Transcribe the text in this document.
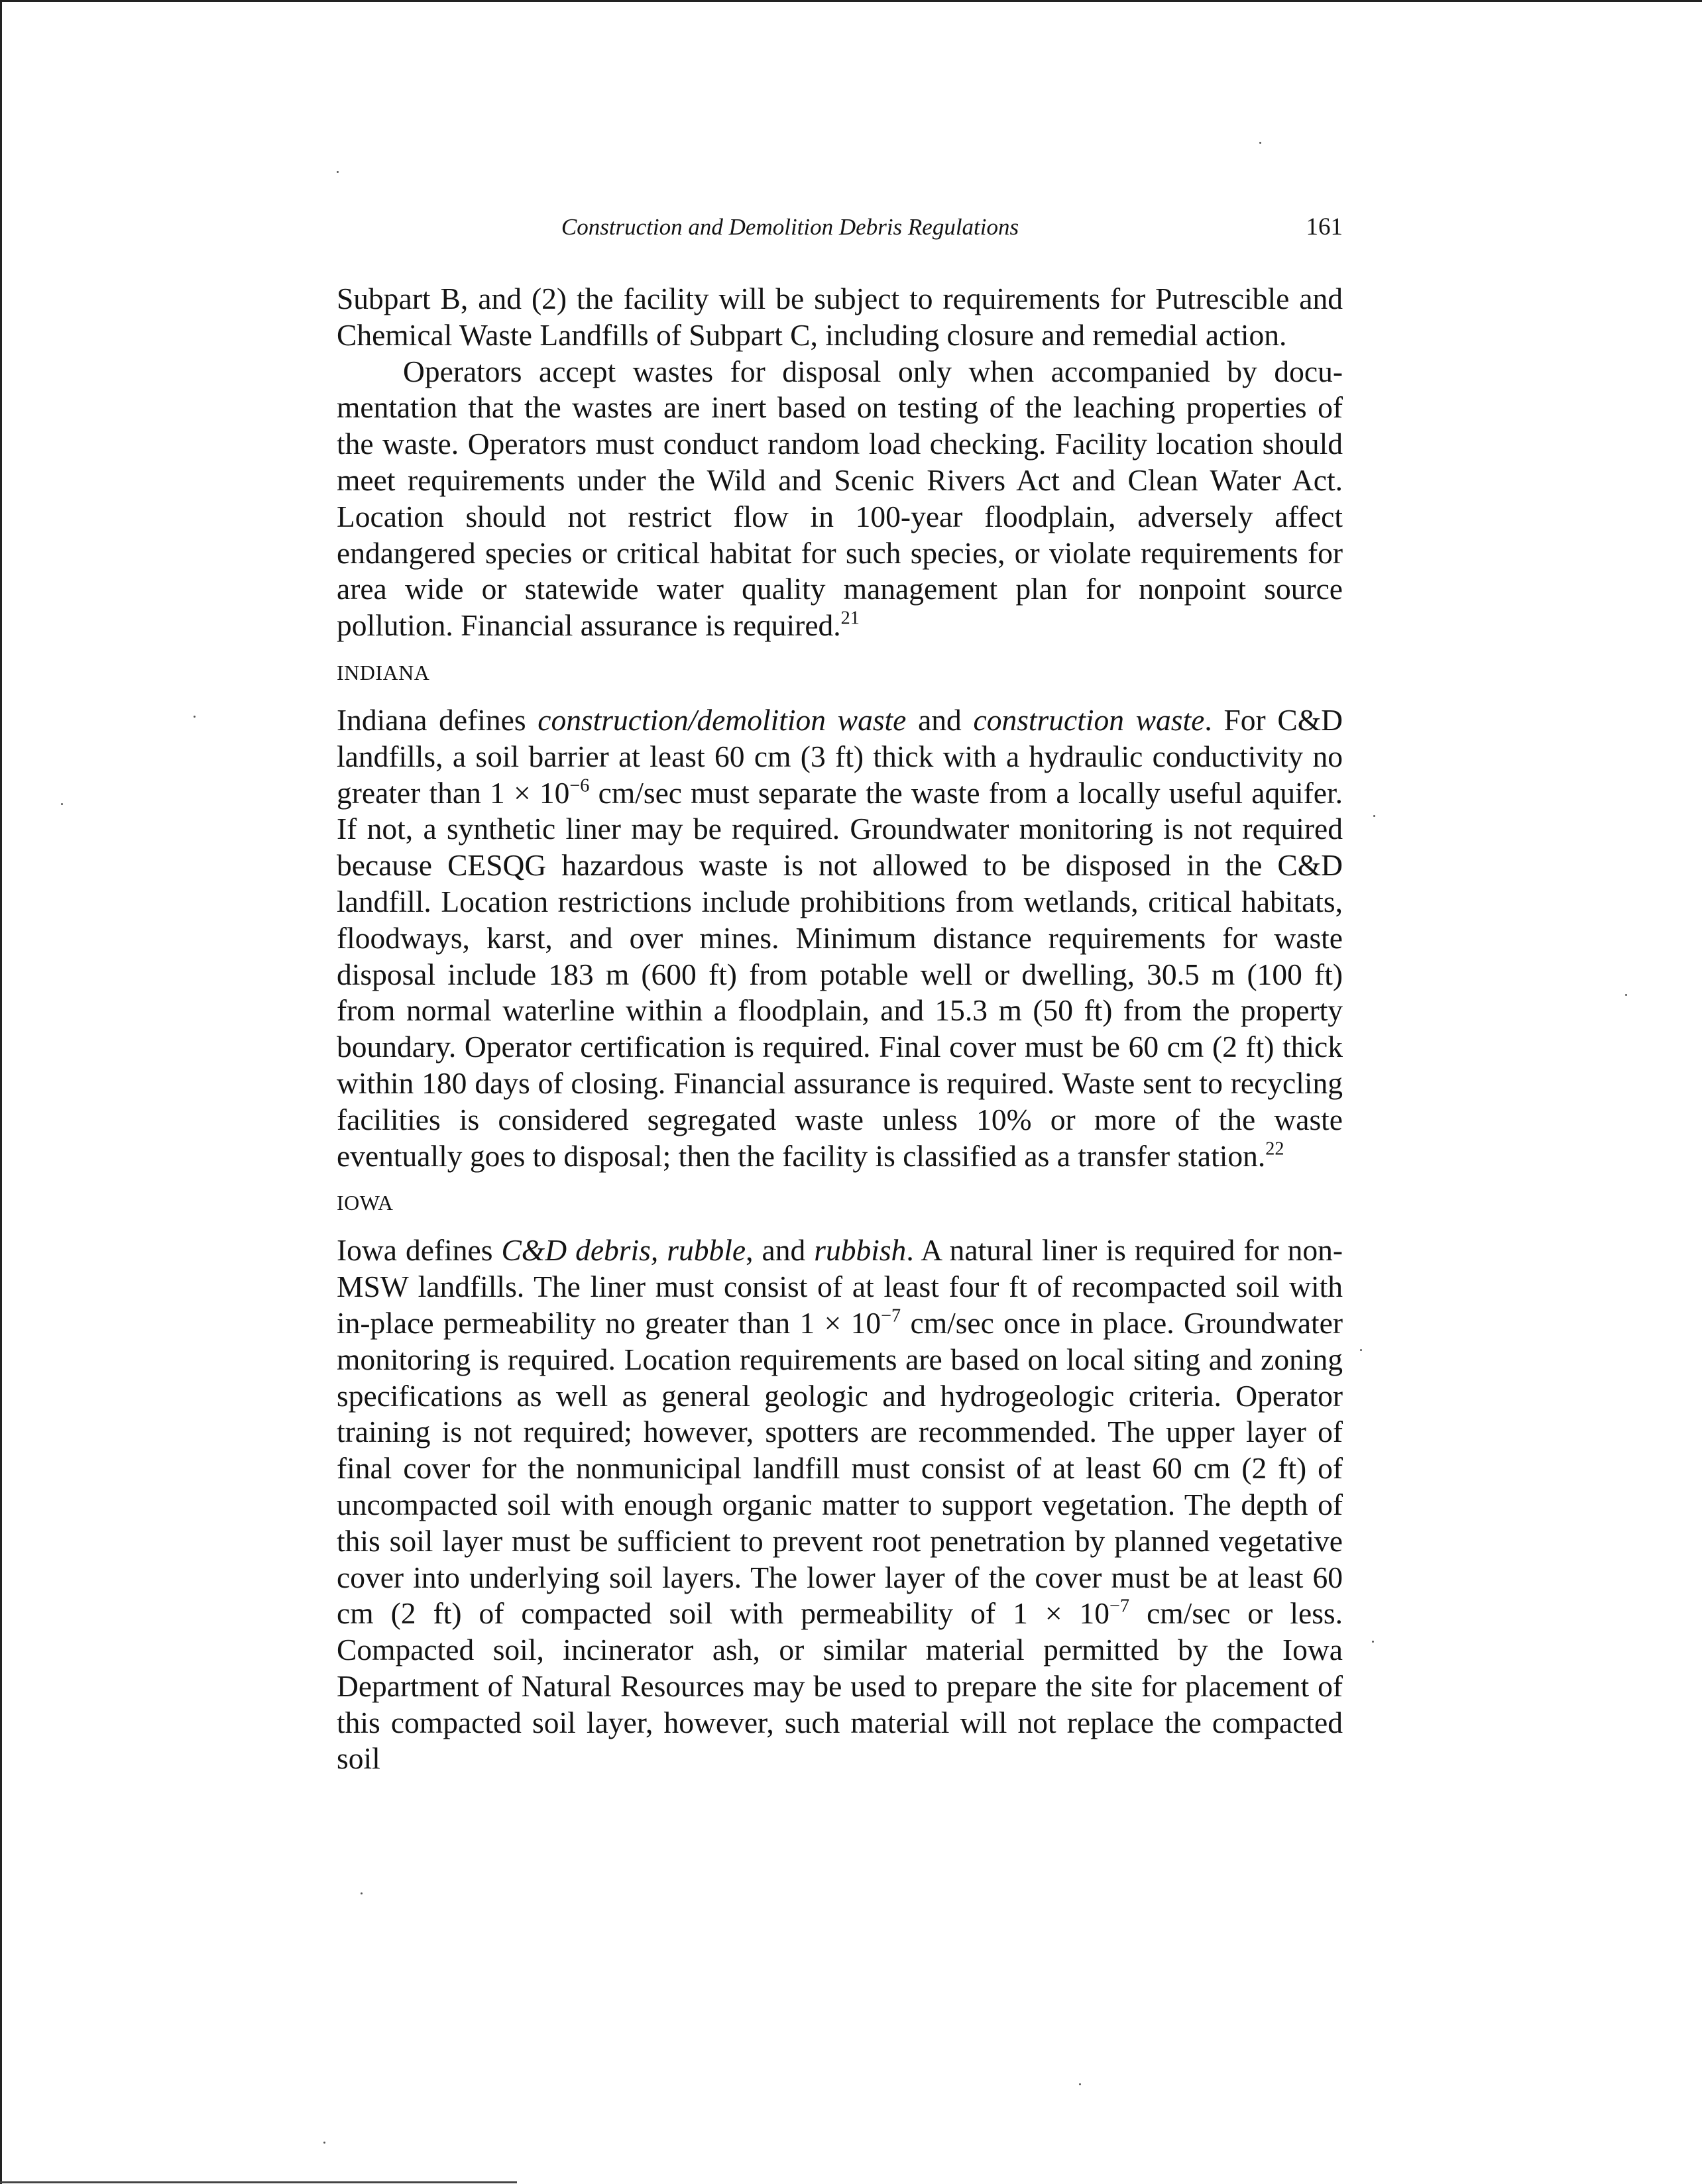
Construction and Demolition Debris Regulations	161

Subpart B, and (2) the facility will be subject to requirements for Putrescible and Chemical Waste Landfills of Subpart C, including closure and remedial action.

Operators accept wastes for disposal only when accompanied by documentation that the wastes are inert based on testing of the leaching properties of the waste. Operators must conduct random load checking. Facility location should meet requirements under the Wild and Scenic Rivers Act and Clean Water Act. Location should not restrict flow in 100-year floodplain, adversely affect endangered species or critical habitat for such species, or violate requirements for area wide or statewide water quality management plan for nonpoint source pollution. Financial assurance is required.$^{21}$

INDIANA

Indiana defines construction/demolition waste and construction waste. For C&D landfills, a soil barrier at least 60 cm (3 ft) thick with a hydraulic conductivity no greater than $1 \times 10^{-6}$ cm/sec must separate the waste from a locally useful aquifer. If not, a synthetic liner may be required. Groundwater monitoring is not required because CESQG hazardous waste is not allowed to be disposed in the C&D landfill. Location restrictions include prohibitions from wetlands, critical habitats, floodways, karst, and over mines. Minimum distance requirements for waste disposal include 183 m (600 ft) from potable well or dwelling, 30.5 m (100 ft) from normal waterline within a floodplain, and 15.3 m (50 ft) from the property boundary. Operator certification is required. Final cover must be 60 cm (2 ft) thick within 180 days of closing. Financial assurance is required. Waste sent to recycling facilities is considered segregated waste unless 10% or more of the waste eventually goes to disposal; then the facility is classified as a transfer station.$^{22}$

IOWA

Iowa defines C&D debris, rubble, and rubbish. A natural liner is required for non-MSW landfills. The liner must consist of at least four ft of recompacted soil with in-place permeability no greater than $1 \times 10^{-7}$ cm/sec once in place. Groundwater monitoring is required. Location requirements are based on local siting and zoning specifications as well as general geologic and hydrogeologic criteria. Operator training is not required; however, spotters are recommended. The upper layer of final cover for the nonmunicipal landfill must consist of at least 60 cm (2 ft) of uncompacted soil with enough organic matter to support vegetation. The depth of this soil layer must be sufficient to prevent root penetration by planned vegetative cover into underlying soil layers. The lower layer of the cover must be at least 60 cm (2 ft) of compacted soil with permeability of $1 \times 10^{-7}$ cm/sec or less. Compacted soil, incinerator ash, or similar material permitted by the Iowa Department of Natural Resources may be used to prepare the site for placement of this compacted soil layer, however, such material will not replace the compacted soil
